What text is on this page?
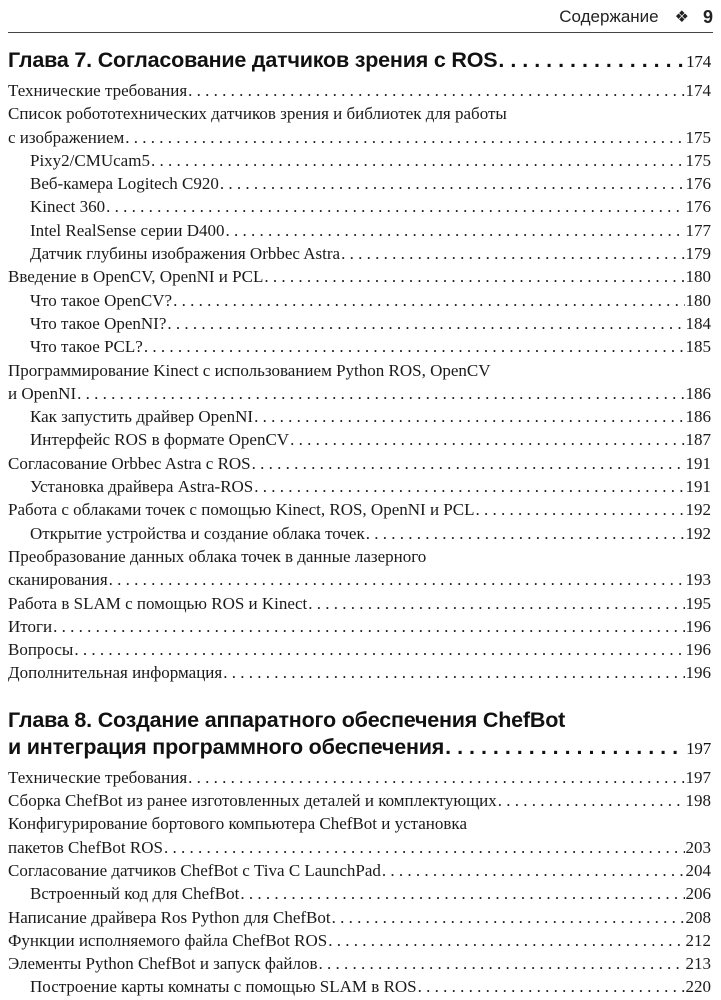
Содержание ❖ 9
Глава 7. Согласование датчиков зрения с ROS . . .	174
Технические требования . . .	174
Список робототехнических датчиков зрения и библиотек для работы
с изображением . . .	175
Pixy2/CMUcam5 . . .	175
Веб-камера Logitech C920 . . .	176
Kinect 360 . . .	176
Intel RealSense серии D400 . . .	177
Датчик глубины изображения Orbbec Astra . . .	179
Введение в OpenCV, OpenNI и PCL . . .	180
Что такое OpenCV? . . .	180
Что такое OpenNI? . . .	184
Что такое PCL? . . .	185
Программирование Kinect с использованием Python ROS, OpenCV
и OpenNI . . .	186
Как запустить драйвер OpenNI . . .	186
Интерфейс ROS в формате OpenCV . . .	187
Согласование Orbbec Astra с ROS . . .	191
Установка драйвера Astra-ROS . . .	191
Работа с облаками точек с помощью Kinect, ROS, OpenNI и PCL . . .	192
Открытие устройства и создание облака точек . . .	192
Преобразование данных облака точек в данные лазерного
сканирования . . .	193
Работа в SLAM с помощью ROS и Kinect . . .	195
Итоги . . .	196
Вопросы . . .	196
Дополнительная информация . . .	196
Глава 8. Создание аппаратного обеспечения ChefBot
и интеграция программного обеспечения . . .	197
Технические требования . . .	197
Сборка ChefBot из ранее изготовленных деталей и комплектующих . . .	198
Конфигурирование бортового компьютера ChefBot и установка
пакетов ChefBot ROS . . .	203
Согласование датчиков ChefBot с Tiva C LaunchPad . . .	204
Встроенный код для ChefBot . . .	206
Написание драйвера Ros Python для ChefBot . . .	208
Функции исполняемого файла ChefBot ROS . . .	212
Элементы Python ChefBot и запуск файлов . . .	213
Построение карты комнаты с помощью SLAM в ROS . . .	220
